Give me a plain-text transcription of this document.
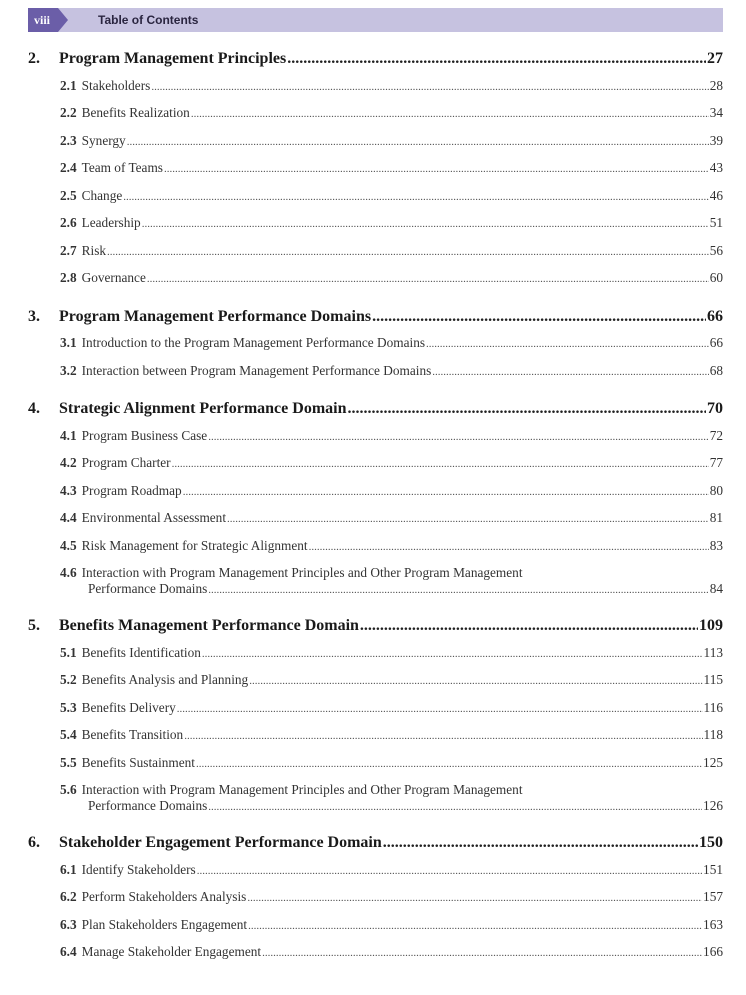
viii	Table of Contents
2.	Program Management Principles .....	27
2.1 Stakeholders .....	28
2.2 Benefits Realization .....	34
2.3 Synergy .....	39
2.4 Team of Teams .....	43
2.5 Change .....	46
2.6 Leadership .....	51
2.7 Risk .....	56
2.8 Governance .....	60
3.	Program Management Performance Domains .....	66
3.1 Introduction to the Program Management Performance Domains .....	66
3.2 Interaction between Program Management Performance Domains .....	68
4.	Strategic Alignment Performance Domain .....	70
4.1 Program Business Case .....	72
4.2 Program Charter .....	77
4.3 Program Roadmap .....	80
4.4 Environmental Assessment .....	81
4.5 Risk Management for Strategic Alignment .....	83
4.6 Interaction with Program Management Principles and Other Program Management
Performance Domains .....	84
5.	Benefits Management Performance Domain .....	109
5.1 Benefits Identification .....	113
5.2 Benefits Analysis and Planning .....	115
5.3 Benefits Delivery .....	116
5.4 Benefits Transition .....	118
5.5 Benefits Sustainment .....	125
5.6 Interaction with Program Management Principles and Other Program Management
Performance Domains .....	126
6.	Stakeholder Engagement Performance Domain .....	150
6.1 Identify Stakeholders .....	151
6.2 Perform Stakeholders Analysis .....	157
6.3 Plan Stakeholders Engagement .....	163
6.4 Manage Stakeholder Engagement .....	166
